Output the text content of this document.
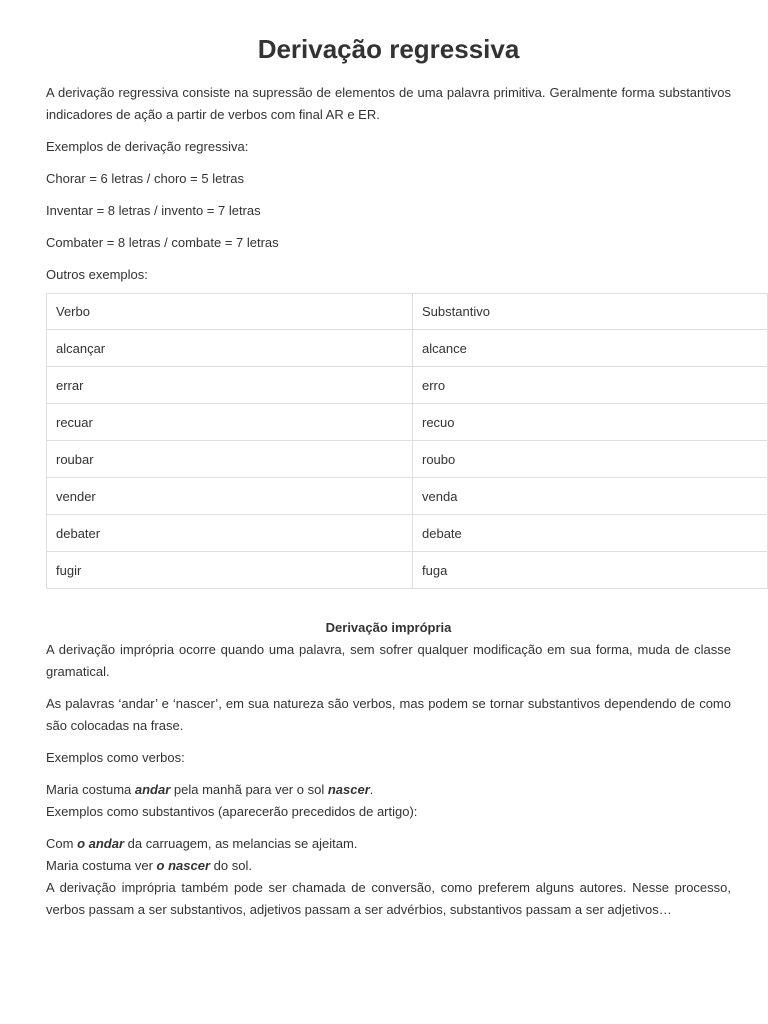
Derivação regressiva

A derivação regressiva consiste na supressão de elementos de uma palavra primitiva. Geralmente forma substantivos indicadores de ação a partir de verbos com final AR e ER.

Exemplos de derivação regressiva:

Chorar = 6 letras / choro = 5 letras

Inventar = 8 letras / invento = 7 letras

Combater = 8 letras / combate = 7 letras

Outros exemplos:

Verbo	Substantivo
alcançar	alcance
errar	erro
recuar	recuo
roubar	roubo
vender	venda
debater	debate
fugir	fuga
Derivação imprópria

A derivação imprópria ocorre quando uma palavra, sem sofrer qualquer modificação em sua forma, muda de classe gramatical.

As palavras ‘andar’ e ‘nascer’, em sua natureza são verbos, mas podem se tornar substantivos dependendo de como são colocadas na frase.

Exemplos como verbos:

Maria costuma andar pela manhã para ver o sol nascer.

Exemplos como substantivos (aparecerão precedidos de artigo):

Com o andar da carruagem, as melancias se ajeitam.

Maria costuma ver o nascer do sol.

A derivação imprópria também pode ser chamada de conversão, como preferem alguns autores. Nesse processo, verbos passam a ser substantivos, adjetivos passam a ser advérbios, substantivos passam a ser adjetivos…
